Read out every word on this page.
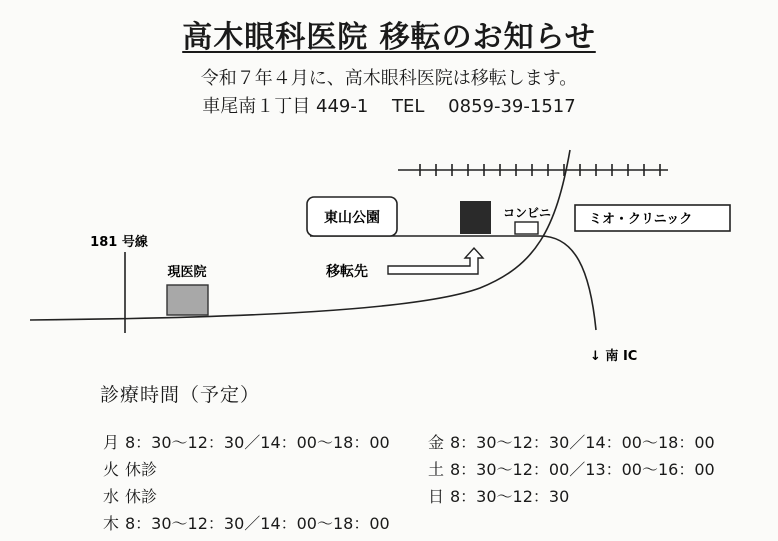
高木眼科医院 移転のお知らせ
令和７年４月に、高木眼科医院は移転します。
車尾南１丁目 449-1　 TEL　 0859-39-1517
東山公園	コンビニ	ミオ・クリニック
現医院
181 号線
移転先
↓ 南 IC
診療時間（予定）
月 8：30〜12：30／14：00〜18：00
火 休診
水 休診
木 8：30〜12：30／14：00〜18：00
金 8：30〜12：30／14：00〜18：00
土 8：30〜12：00／13：00〜16：00
日 8：30〜12：30
